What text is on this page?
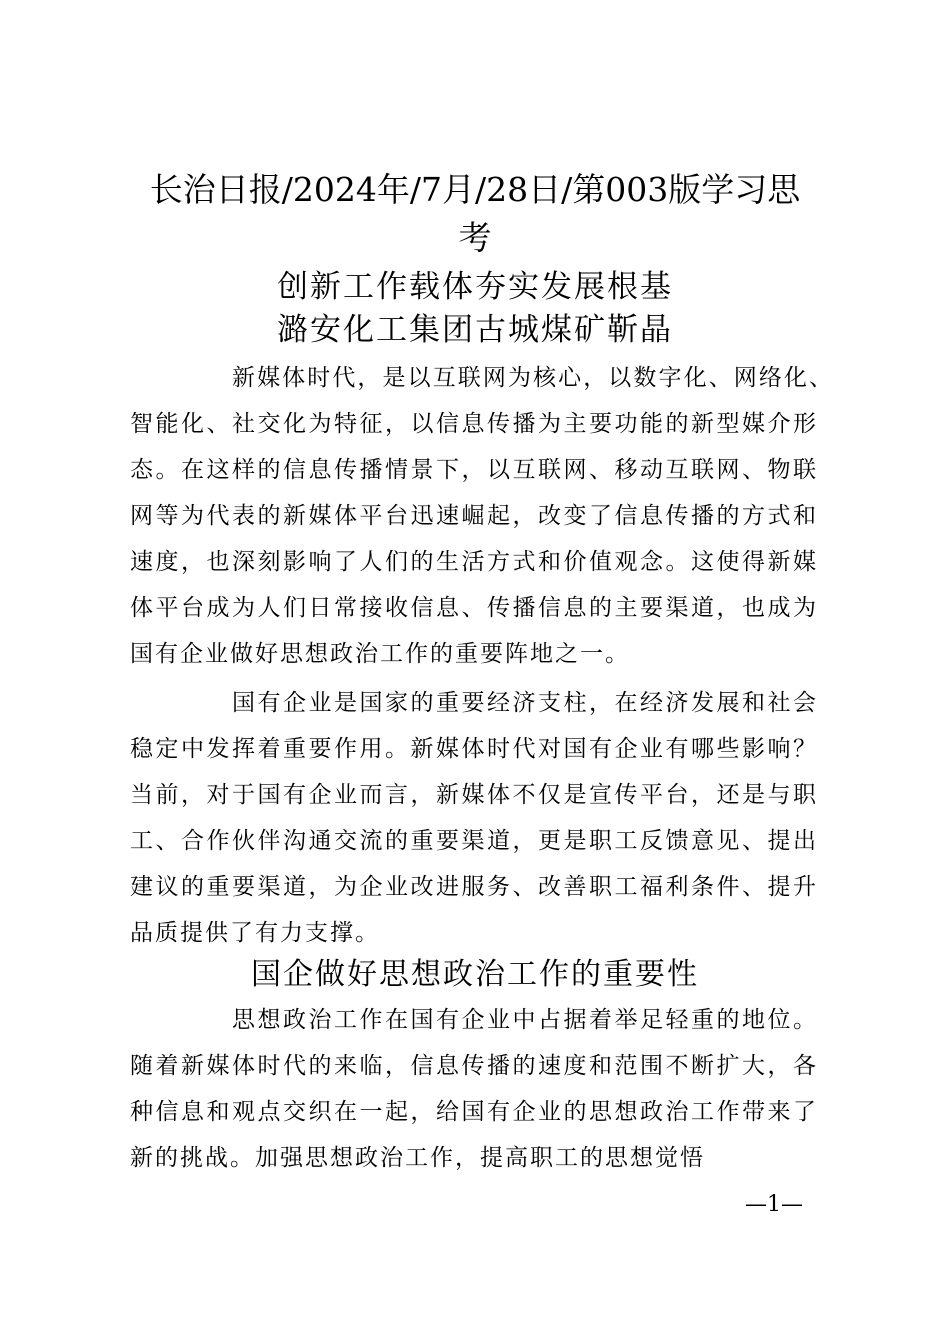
长治日报/2024年/7月/28日/第003版学习思
考
创新工作载体夯实发展根基
潞安化工集团古城煤矿靳晶
新媒体时代，是以互联网为核心，以数字化、网络化、
智能化、社交化为特征，以信息传播为主要功能的新型媒介形
态。在这样的信息传播情景下，以互联网、移动互联网、物联
网等为代表的新媒体平台迅速崛起，改变了信息传播的方式和
速度，也深刻影响了人们的生活方式和价值观念。这使得新媒
体平台成为人们日常接收信息、传播信息的主要渠道，也成为
国有企业做好思想政治工作的重要阵地之一。
国有企业是国家的重要经济支柱，在经济发展和社会
稳定中发挥着重要作用。新媒体时代对国有企业有哪些影响？
当前，对于国有企业而言，新媒体不仅是宣传平台，还是与职
工、合作伙伴沟通交流的重要渠道，更是职工反馈意见、提出
建议的重要渠道，为企业改进服务、改善职工福利条件、提升
品质提供了有力支撑。
国企做好思想政治工作的重要性
思想政治工作在国有企业中占据着举足轻重的地位。
随着新媒体时代的来临，信息传播的速度和范围不断扩大，各
种信息和观点交织在一起，给国有企业的思想政治工作带来了
新的挑战。加强思想政治工作，提高职工的思想觉悟
—1—
